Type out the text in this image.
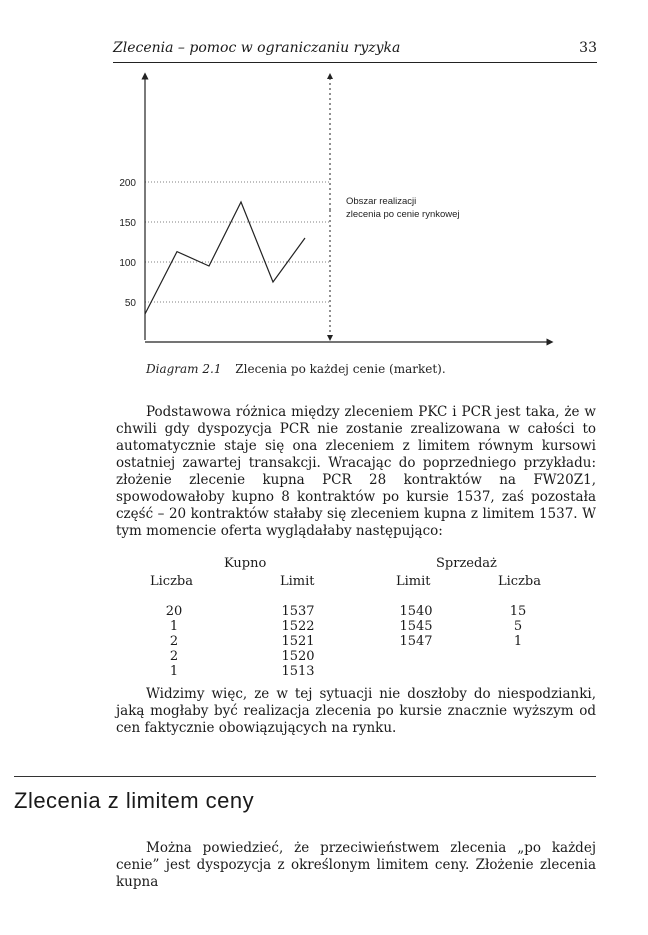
Zlecenia – pomoc w ograniczaniu ryzyka	33
200
150
100
50
Obszar realizacji
zlecenia po cenie rynkowej
Diagram 2.1 Zlecenia po każdej cenie (market).
Podstawowa różnica między zleceniem PKC i PCR jest taka, że w chwili gdy dyspozycja PCR nie zostanie zrealizowana w całości to automatycznie staje się ona zleceniem z limitem równym kursowi ostatniej zawartej transakcji. Wracając do poprzedniego przykładu: złożenie zlecenie kupna PCR 28 kontraktów na FW20Z1, spowodowałoby kupno 8 kontraktów po kursie 1537, zaś pozostała część – 20 kontraktów stałaby się zleceniem kupna z limitem 1537. W tym momencie oferta wyglądałaby następująco:
Kupno	Sprzedaż
Liczba	Limit	Limit	Liczba
20	1537	1540	15
1	1522	1545	5
2	1521	1547	1
2	1520
1	1513
Widzimy więc, ze w tej sytuacji nie doszłoby do niespodzianki, jaką mogłaby być realizacja zlecenia po kursie znacznie wyższym od cen faktycznie obowiązujących na rynku.
Zlecenia z limitem ceny
Można powiedzieć, że przeciwieństwem zlecenia „po każdej cenie” jest dyspozycja z określonym limitem ceny. Złożenie zlecenia kupna
